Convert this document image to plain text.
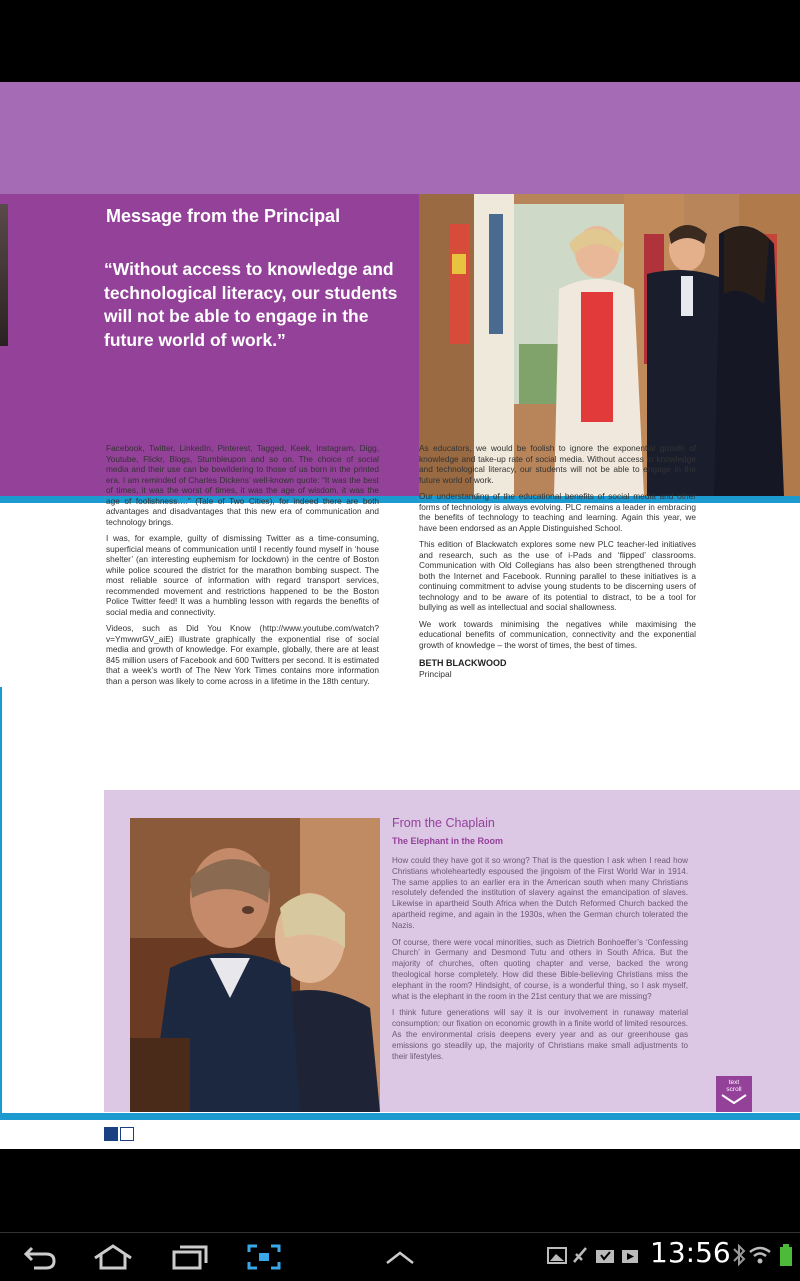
Message from the Principal
“Without access to knowledge and technological literacy, our students will not be able to engage in the future world of work.”

Facebook, Twitter, LinkedIn, Pinterest, Tagged, Keek, Instagram, Digg, Youtube, Flickr, Blogs, Stumbleupon and so on. The choice of social media and their use can be bewildering to those of us born in the printed era. I am reminded of Charles Dickens’ well-known quote: “It was the best of times, it was the worst of times, it was the age of wisdom, it was the age of foolishness….” (Tale of Two Cities), for indeed there are both advantages and disadvantages that this new era of communication and technology brings.

I was, for example, guilty of dismissing Twitter as a time-consuming, superficial means of communication until I recently found myself in ‘house shelter’ (an interesting euphemism for lockdown) in the centre of Boston while police scoured the district for the marathon bombing suspect. The most reliable source of information with regard transport services, recommended movement and restrictions happened to be the Boston Police Twitter feed! It was a humbling lesson with regards the benefits of social media and connectivity.

Videos, such as Did You Know (http://www.youtube.com/watch?v=YmwwrGV_aiE) illustrate graphically the exponential rise of social media and growth of knowledge. For example, globally, there are at least 845 million users of Facebook and 600 Twitters per second. It is estimated that a week’s worth of The New York Times contains more information than a person was likely to come across in a lifetime in the 18th century.

As educators, we would be foolish to ignore the exponential growth of knowledge and take-up rate of social media. Without access to knowledge and technological literacy, our students will not be able to engage in the future world of work.

Our understanding of the educational benefits of social media and other forms of technology is always evolving. PLC remains a leader in embracing the benefits of technology to teaching and learning. Again this year, we have been endorsed as an Apple Distinguished School.

This edition of Blackwatch explores some new PLC teacher-led initiatives and research, such as the use of i-Pads and ‘flipped’ classrooms. Communication with Old Collegians has also been strengthened through both the Internet and Facebook. Running parallel to these initiatives is a continuing commitment to advise young students to be discerning users of technology and to be aware of its potential to distract, to be a tool for bullying as well as intellectual and social shallowness.

We work towards minimising the negatives while maximising the educational benefits of communication, connectivity and the exponential growth of knowledge – the worst of times, the best of times.

BETH BLACKWOOD
Principal
From the Chaplain
The Elephant in the Room

How could they have got it so wrong? That is the question I ask when I read how Christians wholeheartedly espoused the jingoism of the First World War in 1914. The same applies to an earlier era in the American south when many Christians resolutely defended the institution of slavery against the emancipation of slaves. Likewise in apartheid South Africa when the Dutch Reformed Church backed the apartheid regime, and again in the 1930s, when the German church tolerated the Nazis.

Of course, there were vocal minorities, such as Dietrich Bonhoeffer’s ‘Confessing Church’ in Germany and Desmond Tutu and others in South Africa. But the majority of churches, often quoting chapter and verse, backed the wrong theological horse completely. How did these Bible-believing Christians miss the elephant in the room? Hindsight, of course, is a wonderful thing, so I ask myself, what is the elephant in the room in the 21st century that we are missing?

I think future generations will say it is our involvement in runaway material consumption: our fixation on economic growth in a finite world of limited resources. As the environmental crisis deepens every year and as our greenhouse gas emissions go steadily up, the majority of Christians make small adjustments to their lifestyles.

text
scroll
13:56
